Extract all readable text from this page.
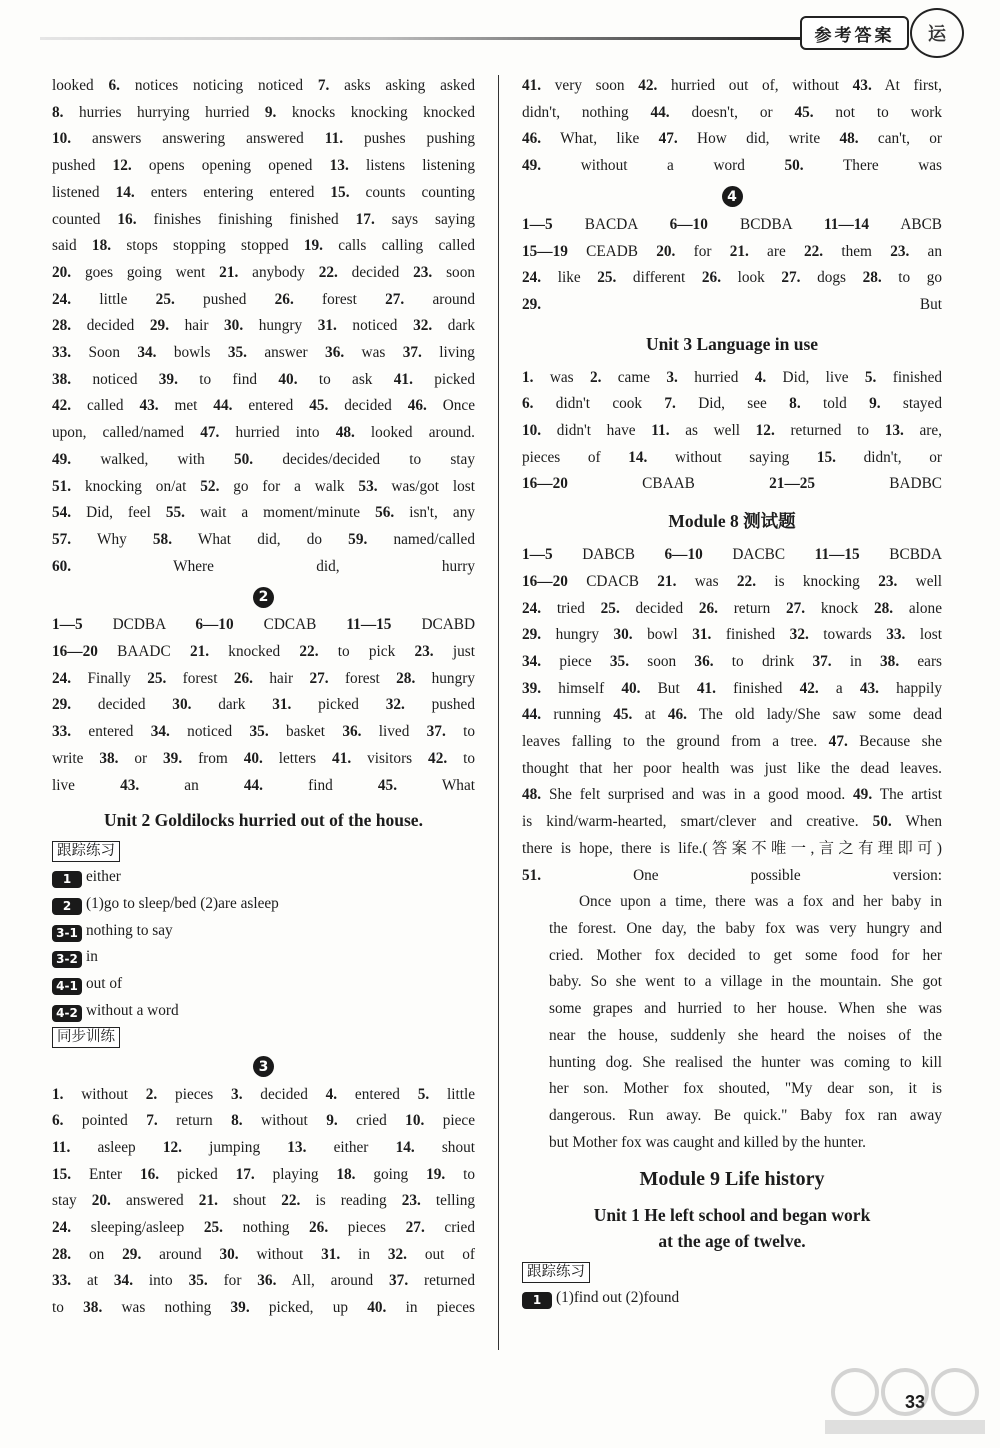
参考答案	运
looked 6. notices noticing noticed 7. asks asking asked
8. hurries hurrying hurried 9. knocks knocking knocked
10. answers answering answered 11. pushes pushing
pushed 12. opens opening opened 13. listens listening
listened 14. enters entering entered 15. counts counting
counted 16. finishes finishing finished 17. says saying
said 18. stops stopping stopped 19. calls calling called
20. goes going went 21. anybody 22. decided 23. soon
24. little 25. pushed 26. forest 27. around
28. decided 29. hair 30. hungry 31. noticed 32. dark
33. Soon 34. bowls 35. answer 36. was 37. living
38. noticed 39. to find 40. to ask 41. picked
42. called 43. met 44. entered 45. decided 46. Once
upon, called/named 47. hurried into 48. looked around.
49. walked, with 50. decides/decided to stay
51. knocking on/at 52. go for a walk 53. was/got lost
54. Did, feel 55. wait a moment/minute 56. isn't, any
57. Why 58. What did, do 59. named/called
60. Where did, hurry
2
1—5 DCDBA 6—10 CDCAB 11—15 DCABD
16—20 BAADC 21. knocked 22. to pick 23. just
24. Finally 25. forest 26. hair 27. forest 28. hungry
29. decided 30. dark 31. picked 32. pushed
33. entered 34. noticed 35. basket 36. lived 37. to
write 38. or 39. from 40. letters 41. visitors 42. to
live 43. an 44. find 45. What
Unit 2 Goldilocks hurried out of the house.
跟踪练习
1 either
2 (1)go to sleep/bed (2)are asleep
3-1 nothing to say
3-2 in
4-1 out of
4-2 without a word
同步训练
3
1. without 2. pieces 3. decided 4. entered 5. little
6. pointed 7. return 8. without 9. cried 10. piece
11. asleep 12. jumping 13. either 14. shout
15. Enter 16. picked 17. playing 18. going 19. to
stay 20. answered 21. shout 22. is reading 23. telling
24. sleeping/asleep 25. nothing 26. pieces 27. cried
28. on 29. around 30. without 31. in 32. out of
33. at 34. into 35. for 36. All, around 37. returned
to 38. was nothing 39. picked, up 40. in pieces
41. very soon 42. hurried out of, without 43. At first,
didn't, nothing 44. doesn't, or 45. not to work
46. What, like 47. How did, write 48. can't, or
49. without a word 50. There was
4
1—5 BACDA 6—10 BCDBA 11—14 ABCB
15—19 CEADB 20. for 21. are 22. them 23. an
24. like 25. different 26. look 27. dogs 28. to go
29. But
Unit 3 Language in use
1. was 2. came 3. hurried 4. Did, live 5. finished
6. didn't cook 7. Did, see 8. told 9. stayed
10. didn't have 11. as well 12. returned to 13. are,
pieces of 14. without saying 15. didn't, or
16—20 CBAAB 21—25 BADBC
Module 8 测试题
1—5 DABCB 6—10 DACBC 11—15 BCBDA
16—20 CDACB 21. was 22. is knocking 23. well
24. tried 25. decided 26. return 27. knock 28. alone
29. hungry 30. bowl 31. finished 32. towards 33. lost
34. piece 35. soon 36. to drink 37. in 38. ears
39. himself 40. But 41. finished 42. a 43. happily
44. running 45. at 46. The old lady/She saw some dead
leaves falling to the ground from a tree. 47. Because she
thought that her poor health was just like the dead leaves.
48. She felt surprised and was in a good mood. 49. The artist
is kind/warm-hearted, smart/clever and creative. 50. When
there is hope, there is life.(答案不唯一,言之有理即可)
51. One possible version:
Once upon a time, there was a fox and her baby in
the forest. One day, the baby fox was very hungry and
cried. Mother fox decided to get some food for her
baby. So she went to a village in the mountain. She got
some grapes and hurried to her house. When she was
near the house, suddenly she heard the noises of the
hunting dog. She realised the hunter was coming to kill
her son. Mother fox shouted, "My dear son, it is
dangerous. Run away. Be quick." Baby fox ran away
but Mother fox was caught and killed by the hunter.
Module 9 Life history
Unit 1 He left school and began work
at the age of twelve.
跟踪练习
1 (1)find out (2)found
33
